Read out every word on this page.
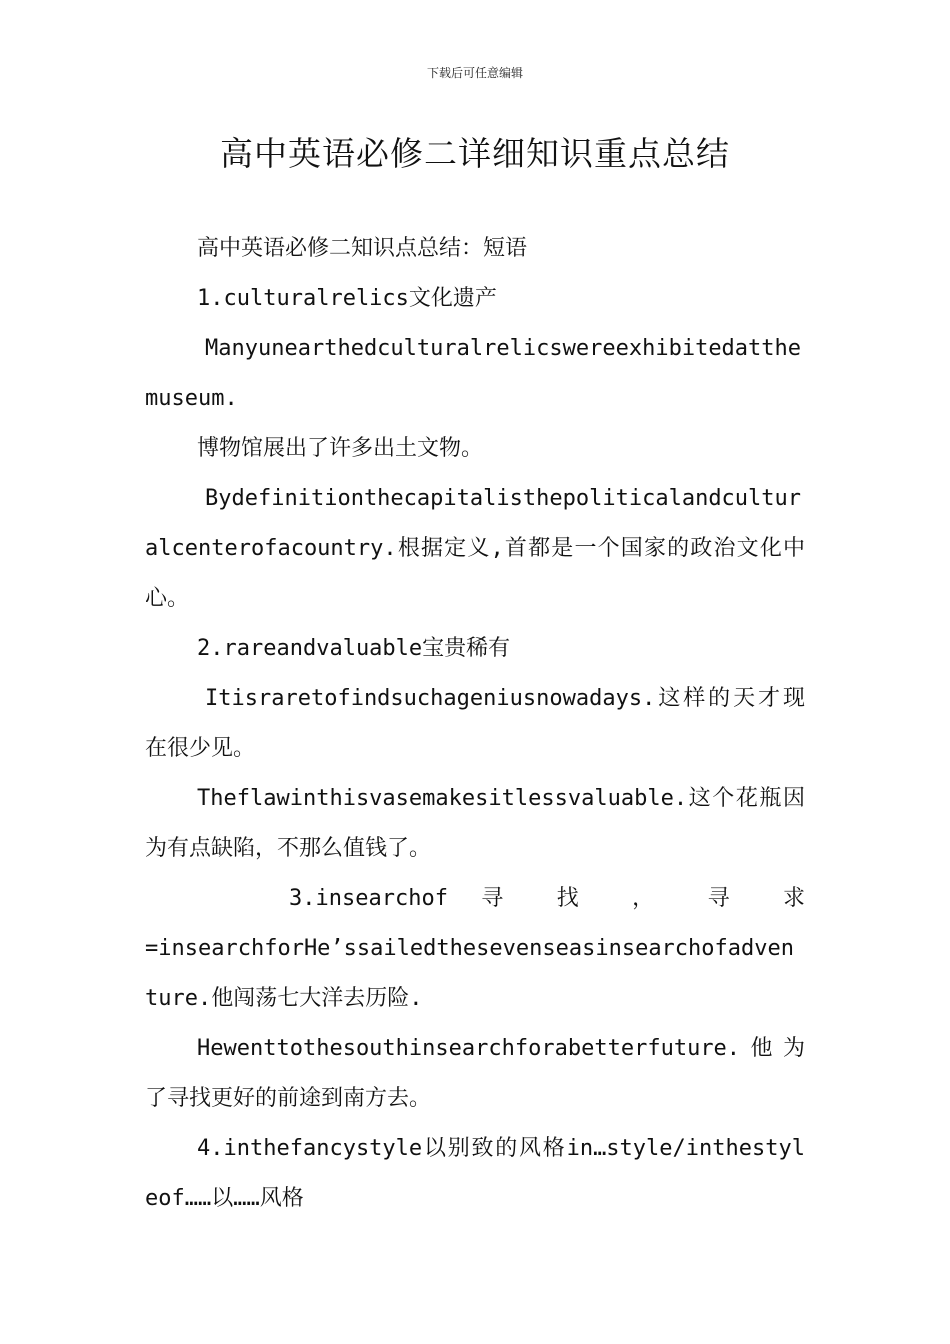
下载后可任意编辑
高中英语必修二详细知识重点总结

高中英语必修二知识点总结：短语

1.culturalrelics文化遗产

Manyunearthedculturalrelicswereexhibitedatthemuseum.

博物馆展出了许多出土文物。

Bydefinitionthecapitalisthepoliticalandculturalcenterofacountry.根据定义,首都是一个国家的政治文化中心。

2.rareandvaluable宝贵稀有

Itisraretofindsuchageniusnowadays.这样的天才现在很少见。

Theflawinthisvasemakesitlessvaluable.这个花瓶因为有点缺陷，不那么值钱了。

3.insearchof 寻 找 ， 寻 求

=insearchforHe’ssailedthesevenseasinsearchofadventure.他闯荡七大洋去历险.

Hewenttothesouthinsearchforabetterfuture.他为了寻找更好的前途到南方去。

4.inthefancystyle以别致的风格in…style/inthestyleof……以……风格
